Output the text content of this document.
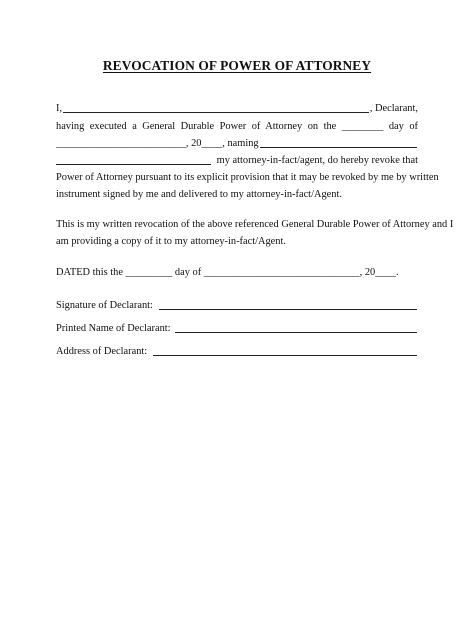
REVOCATION OF POWER OF ATTORNEY
I,	, Declarant,
having executed a General Durable Power of Attorney on the ________ day of
_________________________, 20____, naming
my attorney-in-fact/agent, do hereby revoke that
Power of Attorney pursuant to its explicit provision that it may be revoked by me by written
instrument signed by me and delivered to my attorney-in-fact/Agent.
This is my written revocation of the above referenced General Durable Power of Attorney and I
am providing a copy of it to my attorney-in-fact/Agent.
DATED this the _________ day of ______________________________, 20____.
Signature of Declarant:
Printed Name of Declarant:
Address of Declarant:
